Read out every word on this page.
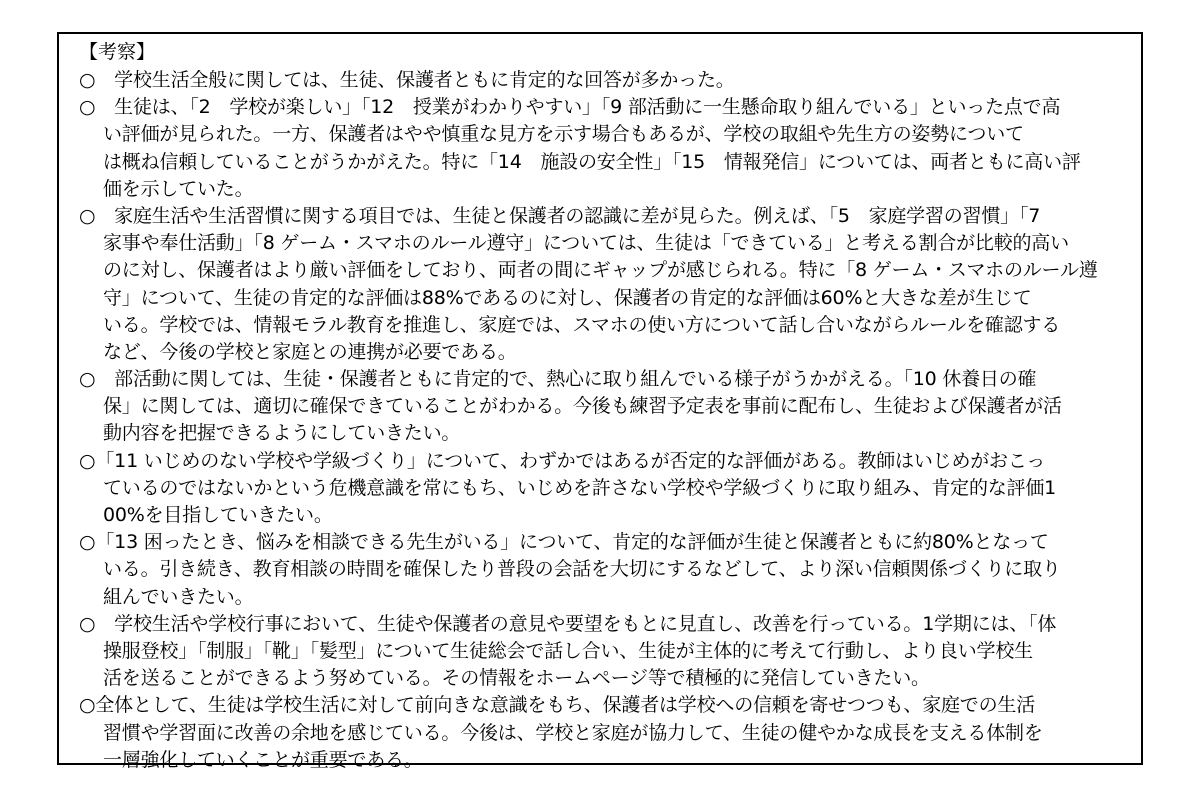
【考察】
○　学校生活全般に関しては、生徒、保護者ともに肯定的な回答が多かった。
○　生徒は、「2　学校が楽しい」「12　授業がわかりやすい」「9 部活動に一生懸命取り組んでいる」といった点で高
い評価が見られた。一方、保護者はやや慎重な見方を示す場合もあるが、学校の取組や先生方の姿勢について
は概ね信頼していることがうかがえた。特に「14　施設の安全性」「15　情報発信」については、両者ともに高い評
価を示していた。
○　家庭生活や生活習慣に関する項目では、生徒と保護者の認識に差が見らた。例えば、「5　家庭学習の習慣」「7
家事や奉仕活動」「8 ゲーム・スマホのルール遵守」については、生徒は「できている」と考える割合が比較的高い
のに対し、保護者はより厳い評価をしており、両者の間にギャップが感じられる。特に「8 ゲーム・スマホのルール遵
守」について、生徒の肯定的な評価は88%であるのに対し、保護者の肯定的な評価は60%と大きな差が生じて
いる。学校では、情報モラル教育を推進し、家庭では、スマホの使い方について話し合いながらルールを確認する
など、今後の学校と家庭との連携が必要である。
○　部活動に関しては、生徒・保護者ともに肯定的で、熱心に取り組んでいる様子がうかがえる。「10 休養日の確
保」に関しては、適切に確保できていることがわかる。今後も練習予定表を事前に配布し、生徒および保護者が活
動内容を把握できるようにしていきたい。
○「11 いじめのない学校や学級づくり」について、わずかではあるが否定的な評価がある。教師はいじめがおこっ
ているのではないかという危機意識を常にもち、いじめを許さない学校や学級づくりに取り組み、肯定的な評価1
00%を目指していきたい。
○「13 困ったとき、悩みを相談できる先生がいる」について、肯定的な評価が生徒と保護者ともに約80%となって
いる。引き続き、教育相談の時間を確保したり普段の会話を大切にするなどして、より深い信頼関係づくりに取り
組んでいきたい。
○　学校生活や学校行事において、生徒や保護者の意見や要望をもとに見直し、改善を行っている。1学期には、「体
操服登校」「制服」「靴」「髪型」について生徒総会で話し合い、生徒が主体的に考えて行動し、より良い学校生
活を送ることができるよう努めている。その情報をホームページ等で積極的に発信していきたい。
○全体として、生徒は学校生活に対して前向きな意識をもち、保護者は学校への信頼を寄せつつも、家庭での生活
習慣や学習面に改善の余地を感じている。今後は、学校と家庭が協力して、生徒の健やかな成長を支える体制を
一層強化していくことが重要である。
